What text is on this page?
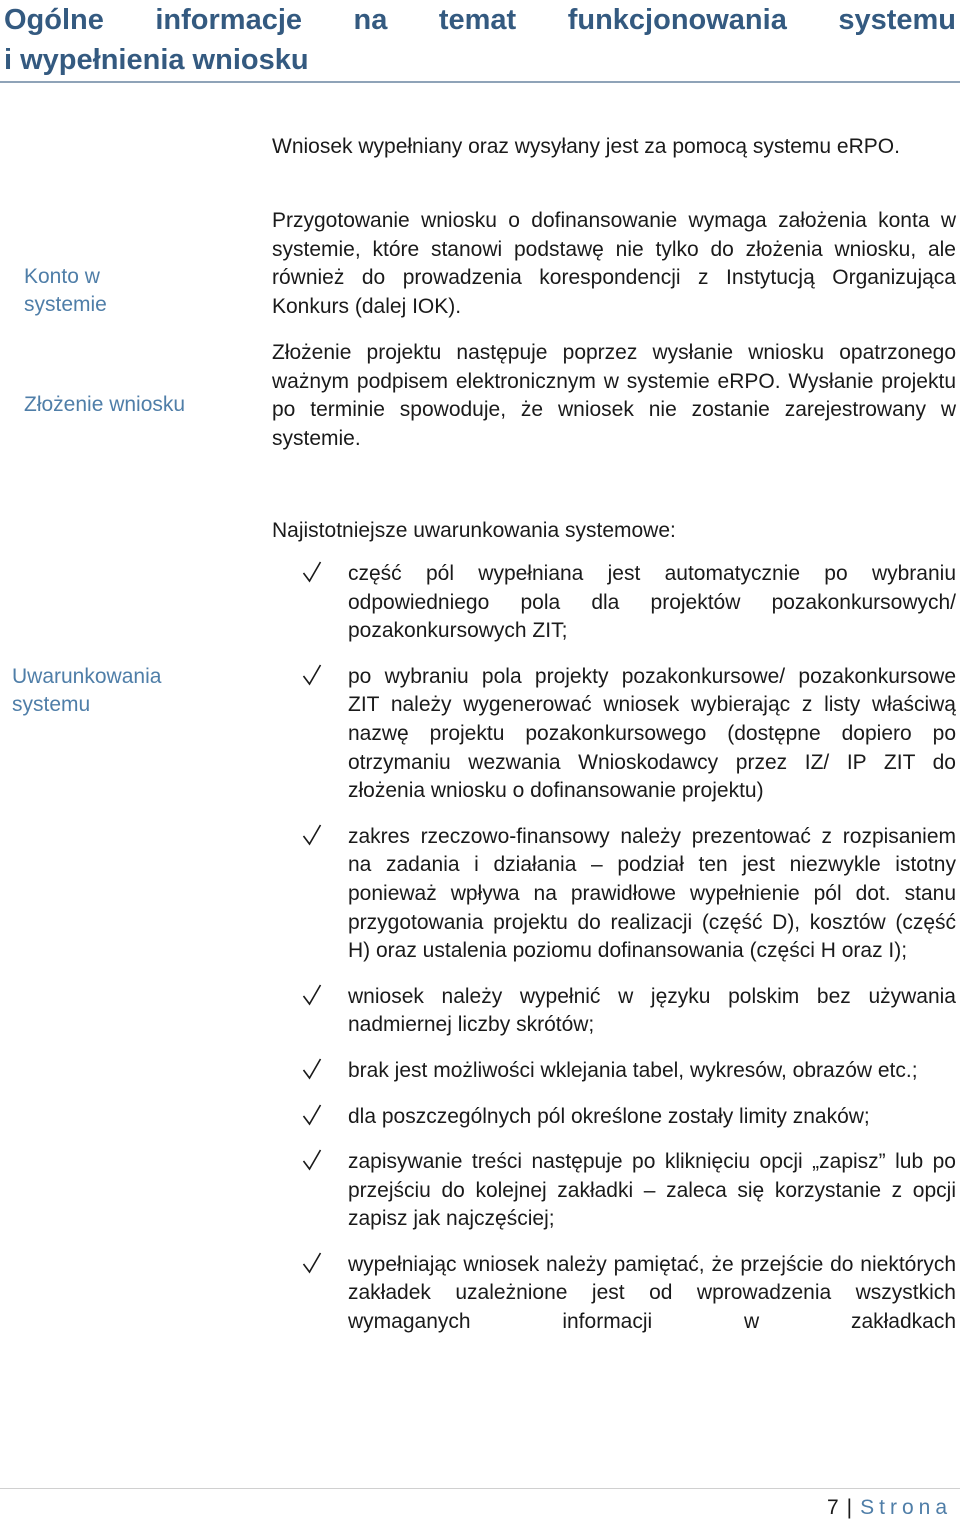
Ogólne informacje na temat funkcjonowania systemu
i wypełnienia wniosku
Konto w
systemie
Złożenie wniosku
Uwarunkowania
systemu
Wniosek wypełniany oraz wysyłany jest za pomocą systemu eRPO.
Przygotowanie wniosku o dofinansowanie wymaga założenia konta w systemie, które stanowi podstawę nie tylko do złożenia wniosku, ale również do prowadzenia korespondencji z Instytucją Organizująca Konkurs (dalej IOK).
Złożenie projektu następuje poprzez wysłanie wniosku opatrzonego ważnym podpisem elektronicznym w systemie eRPO. Wysłanie projektu po terminie spowoduje, że wniosek nie zostanie zarejestrowany w systemie.
Najistotniejsze uwarunkowania systemowe:
część pól wypełniana jest automatycznie po wybraniu odpowiedniego pola dla projektów pozakonkursowych/ pozakonkursowych ZIT;
po wybraniu pola projekty pozakonkursowe/ pozakonkursowe ZIT należy wygenerować wniosek wybierając z listy właściwą nazwę projektu pozakonkursowego (dostępne dopiero po otrzymaniu wezwania Wnioskodawcy przez IZ/ IP ZIT do złożenia wniosku o dofinansowanie projektu)
zakres rzeczowo-finansowy należy prezentować z rozpisaniem na zadania i działania – podział ten jest niezwykle istotny ponieważ wpływa na prawidłowe wypełnienie pól dot. stanu przygotowania projektu do realizacji (część D), kosztów (część H) oraz ustalenia poziomu dofinansowania (części H oraz I);
wniosek należy wypełnić w języku polskim bez używania nadmiernej liczby skrótów;
brak jest możliwości wklejania tabel, wykresów, obrazów etc.;
dla poszczególnych pól określone zostały limity znaków;
zapisywanie treści następuje po kliknięciu opcji „zapisz” lub po przejściu do kolejnej zakładki – zaleca się korzystanie z opcji zapisz jak najczęściej;
wypełniając wniosek należy pamiętać, że przejście do niektórych zakładek uzależnione jest od wprowadzenia wszystkich wymaganych informacji w zakładkach
7 | Strona
